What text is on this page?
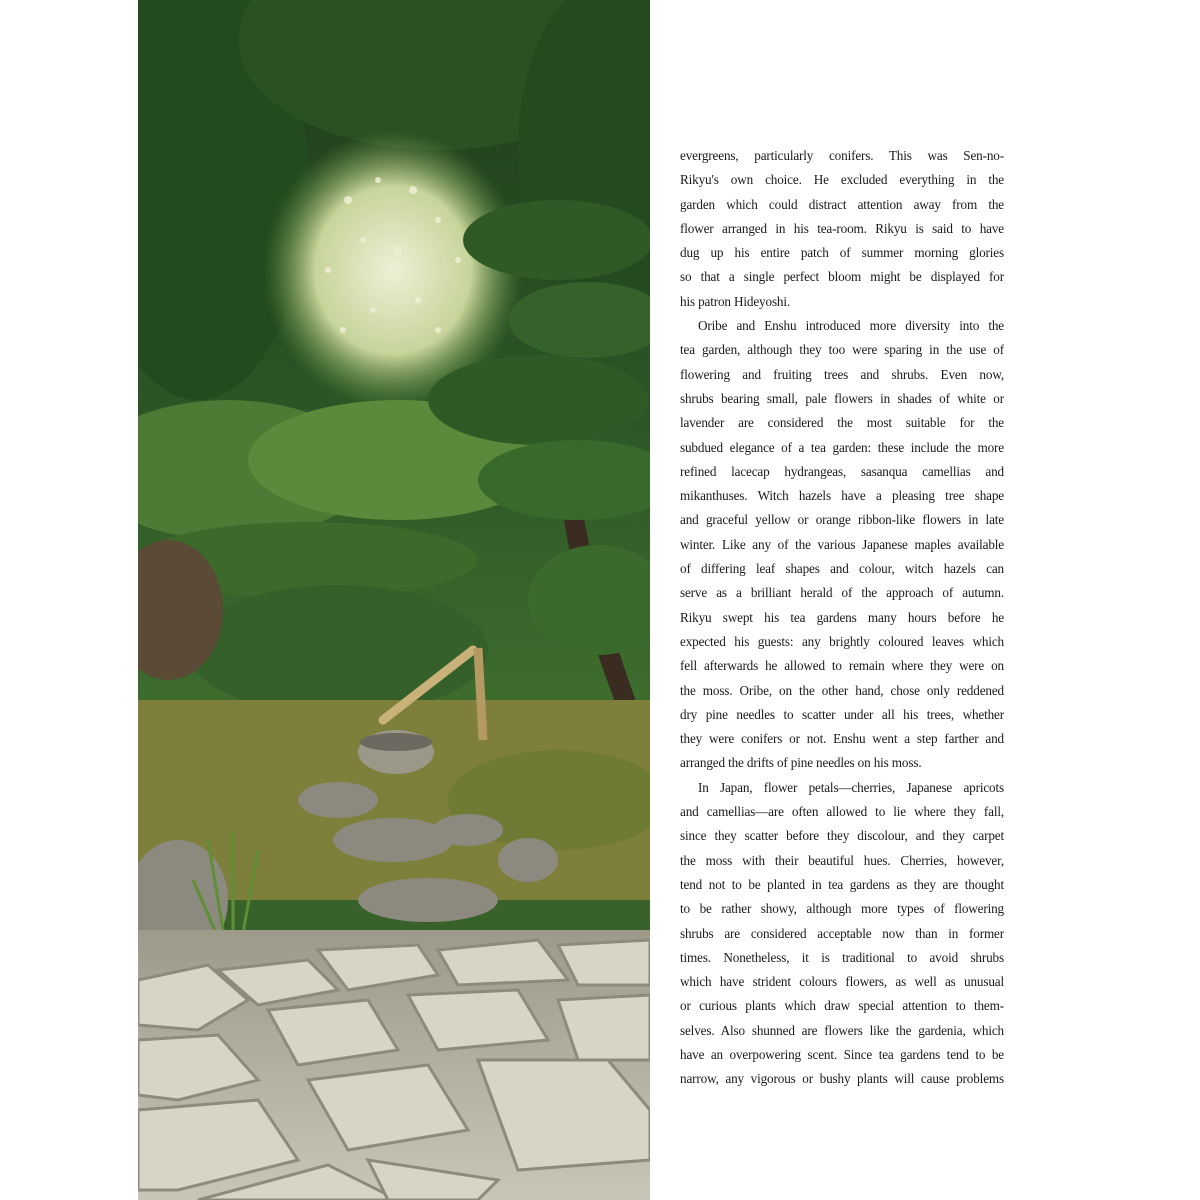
evergreens, particularly conifers. This was Sen-no-
Rikyu's own choice. He excluded everything in the
garden which could distract attention away from the
flower arranged in his tea-room. Rikyu is said to have
dug up his entire patch of summer morning glories
so that a single perfect bloom might be displayed for
his patron Hideyoshi.
Oribe and Enshu introduced more diversity into the
tea garden, although they too were sparing in the use of
flowering and fruiting trees and shrubs. Even now,
shrubs bearing small, pale flowers in shades of white or
lavender are considered the most suitable for the
subdued elegance of a tea garden: these include the more
refined lacecap hydrangeas, sasanqua camellias and
mikanthuses. Witch hazels have a pleasing tree shape
and graceful yellow or orange ribbon-like flowers in late
winter. Like any of the various Japanese maples available
of differing leaf shapes and colour, witch hazels can
serve as a brilliant herald of the approach of autumn.
Rikyu swept his tea gardens many hours before he
expected his guests: any brightly coloured leaves which
fell afterwards he allowed to remain where they were on
the moss. Oribe, on the other hand, chose only reddened
dry pine needles to scatter under all his trees, whether
they were conifers or not. Enshu went a step farther and
arranged the drifts of pine needles on his moss.
In Japan, flower petals—cherries, Japanese apricots
and camellias—are often allowed to lie where they fall,
since they scatter before they discolour, and they carpet
the moss with their beautiful hues. Cherries, however,
tend not to be planted in tea gardens as they are thought
to be rather showy, although more types of flowering
shrubs are considered acceptable now than in former
times. Nonetheless, it is traditional to avoid shrubs
which have strident colours flowers, as well as unusual
or curious plants which draw special attention to them-
selves. Also shunned are flowers like the gardenia, which
have an overpowering scent. Since tea gardens tend to be
narrow, any vigorous or bushy plants will cause problems
